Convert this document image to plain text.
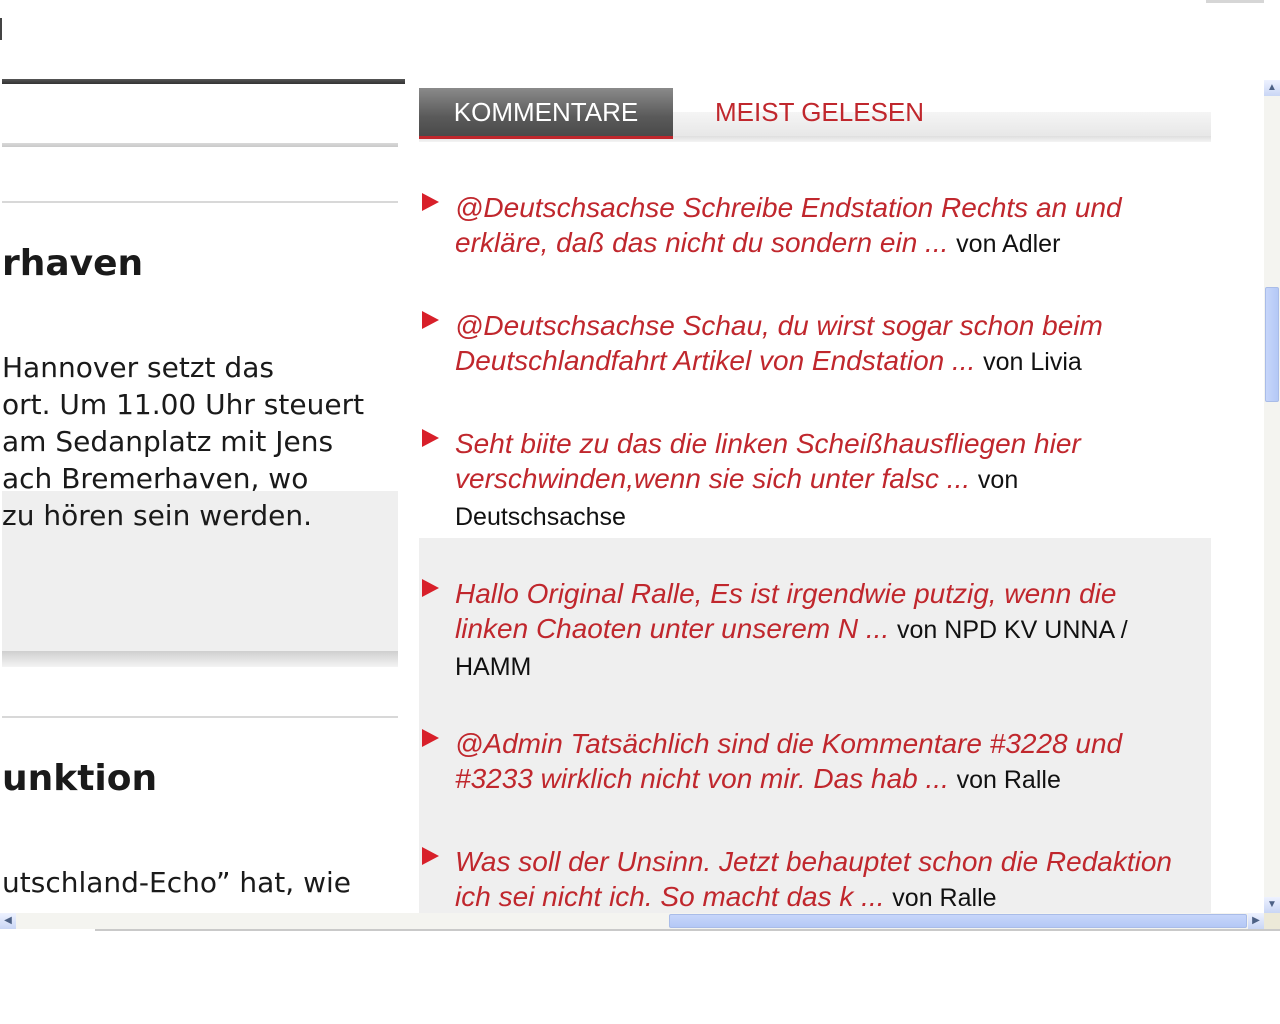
rhaven
Hannover setzt das
ort. Um 11.00 Uhr steuert
am Sedanplatz mit Jens
ach Bremerhaven, wo
zu hören sein werden.
unktion
utschland-Echo” hat, wie
KOMMENTARE	MEIST GELESEN
@Deutschsachse Schreibe Endstation Rechts an und erkläre, daß das nicht du sondern ein ... von Adler
@Deutschsachse Schau, du wirst sogar schon beim Deutschlandfahrt Artikel von Endstation ... von Livia
Seht biite zu das die linken Scheißhausfliegen hier verschwinden,wenn sie sich unter falsc ... von Deutschsachse
Hallo Original Ralle, Es ist irgendwie putzig, wenn die linken Chaoten unter unserem N ... von NPD KV UNNA / HAMM
@Admin Tatsächlich sind die Kommentare #3228 und #3233 wirklich nicht von mir. Das hab ... von Ralle
Was soll der Unsinn. Jetzt behauptet schon die Redaktion ich sei nicht ich. So macht das k ... von Ralle
▲
▼
◀	▶
